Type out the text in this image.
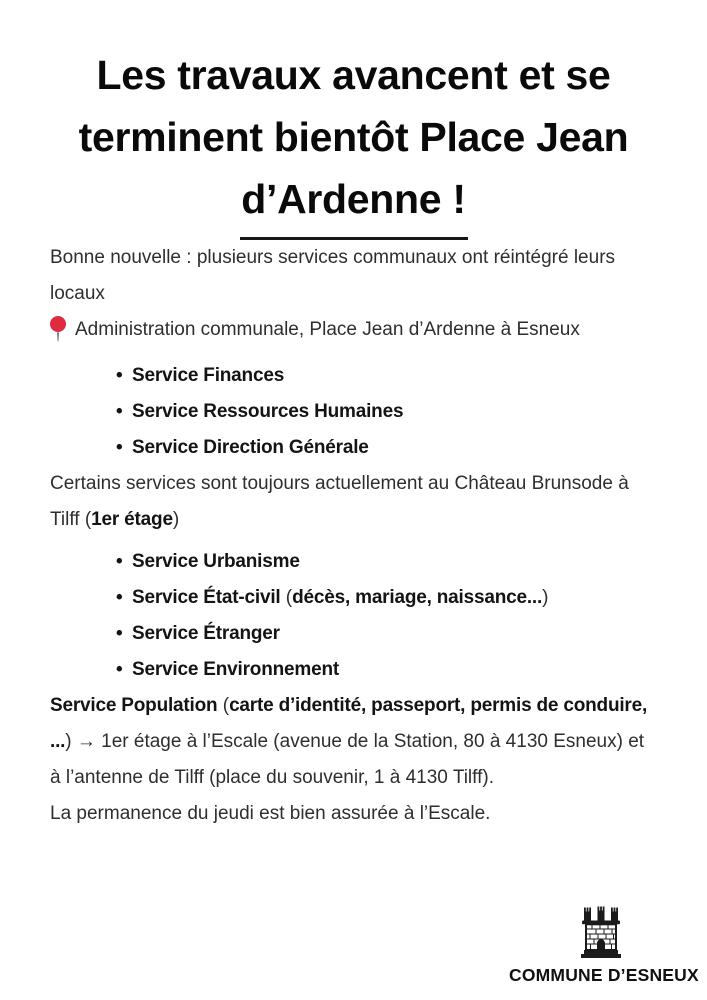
Les travaux avancent et se
terminent bientôt Place Jean
d’Ardenne !

Bonne nouvelle : plusieurs services communaux ont réintégré leurs locaux

Administration communale, Place Jean d’Ardenne à Esneux
• Service Finances
• Service Ressources Humaines
• Service Direction Générale

Certains services sont toujours actuellement au Château Brunsode à Tilff (1er étage)

• Service Urbanisme
• Service État-civil (décès, mariage, naissance...)
• Service Étranger
• Service Environnement

Service Population (carte d’identité, passeport, permis de conduire, ...) → 1er étage à l’Escale (avenue de la Station, 80 à 4130 Esneux) et à l’antenne de Tilff (place du souvenir, 1 à 4130 Tilff).

La permanence du jeudi est bien assurée à l’Escale.

COMMUNE D’ESNEUX
